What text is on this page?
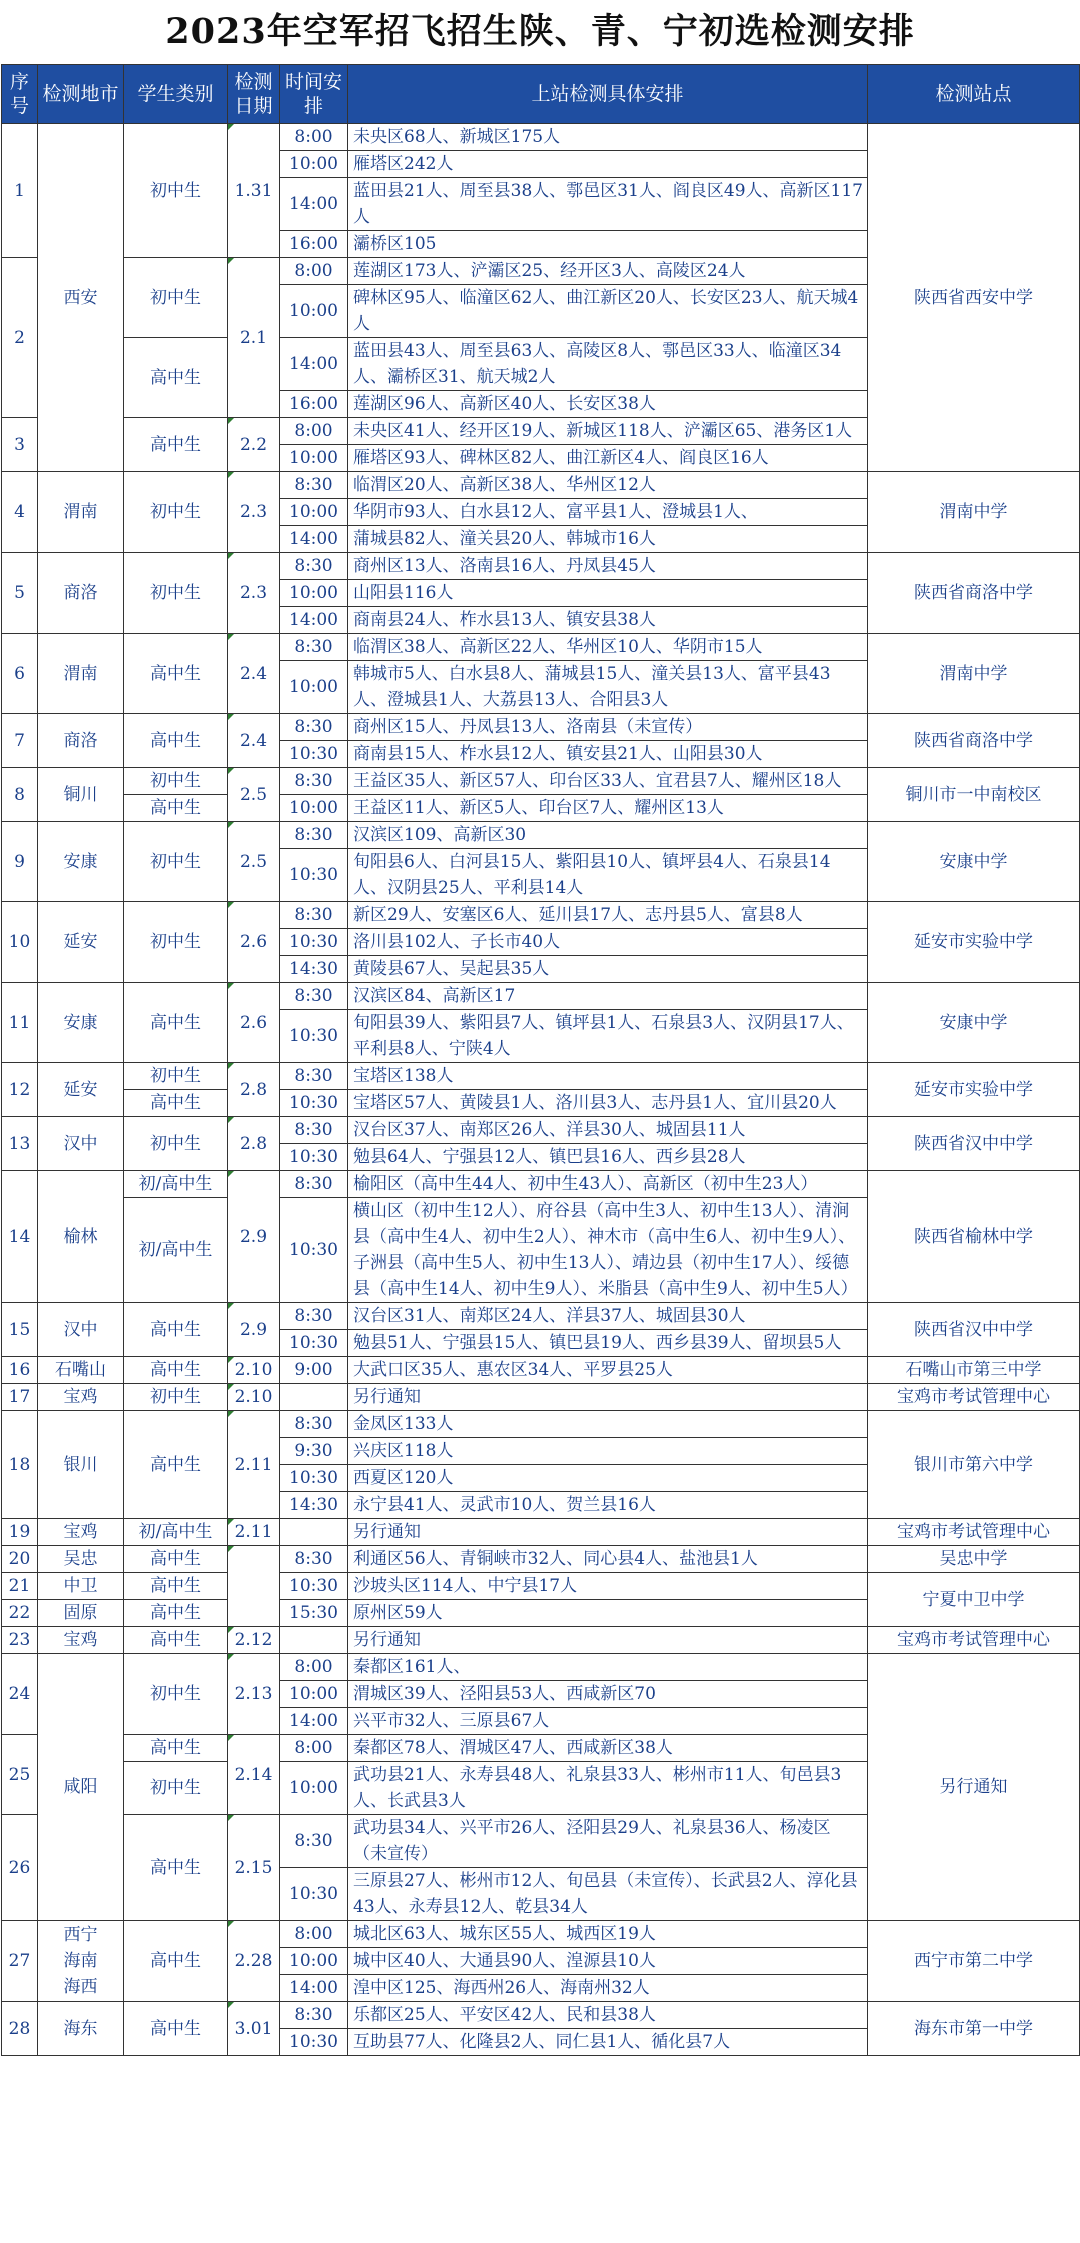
2023年空军招飞招生陕、青、宁初选检测安排
序号	检测地市	学生类别	检测日期	时间安排	上站检测具体安排	检测站点
1	西安	初中生	1.31	8:00	未央区68人、新城区175人	陕西省西安中学
				10:00	雁塔区242人	
				14:00	蓝田县21人、周至县38人、鄠邑区31人、阎良区49人、高新区117人	
				16:00	灞桥区105	
2		初中生	2.1	8:00	莲湖区173人、浐灞区25、经开区3人、高陵区24人	
				10:00	碑林区95人、临潼区62人、曲江新区20人、长安区23人、航天城4人	
		高中生		14:00	蓝田县43人、周至县63人、高陵区8人、鄠邑区33人、临潼区34人、灞桥区31、航天城2人	
				16:00	莲湖区96人、高新区40人、长安区38人	
3		高中生	2.2	8:00	未央区41人、经开区19人、新城区118人、浐灞区65、港务区1人	
				10:00	雁塔区93人、碑林区82人、曲江新区4人、阎良区16人	
4	渭南	初中生	2.3	8:30	临渭区20人、高新区38人、华州区12人	渭南中学
				10:00	华阴市93人、白水县12人、富平县1人、澄城县1人、	
				14:00	蒲城县82人、潼关县20人、韩城市16人	
5	商洛	初中生	2.3	8:30	商州区13人、洛南县16人、丹凤县45人	陕西省商洛中学
				10:00	山阳县116人	
				14:00	商南县24人、柞水县13人、镇安县38人	
6	渭南	高中生	2.4	8:30	临渭区38人、高新区22人、华州区10人、华阴市15人	渭南中学
				10:00	韩城市5人、白水县8人、蒲城县15人、潼关县13人、富平县43人、澄城县1人、大荔县13人、合阳县3人	
7	商洛	高中生	2.4	8:30	商州区15人、丹凤县13人、洛南县（未宣传）	陕西省商洛中学
				10:30	商南县15人、柞水县12人、镇安县21人、山阳县30人	
8	铜川	初中生	2.5	8:30	王益区35人、新区57人、印台区33人、宜君县7人、耀州区18人	铜川市一中南校区
		高中生		10:00	王益区11人、新区5人、印台区7人、耀州区13人	
9	安康	初中生	2.5	8:30	汉滨区109、高新区30	安康中学
				10:30	旬阳县6人、白河县15人、紫阳县10人、镇坪县4人、石泉县14人、汉阴县25人、平利县14人	
10	延安	初中生	2.6	8:30	新区29人、安塞区6人、延川县17人、志丹县5人、富县8人	延安市实验中学
				10:30	洛川县102人、子长市40人	
				14:30	黄陵县67人、吴起县35人	
11	安康	高中生	2.6	8:30	汉滨区84、高新区17	安康中学
				10:30	旬阳县39人、紫阳县7人、镇坪县1人、石泉县3人、汉阴县17人、平利县8人、宁陕4人	
12	延安	初中生	2.8	8:30	宝塔区138人	延安市实验中学
		高中生		10:30	宝塔区57人、黄陵县1人、洛川县3人、志丹县1人、宜川县20人	
13	汉中	初中生	2.8	8:30	汉台区37人、南郑区26人、洋县30人、城固县11人	陕西省汉中中学
				10:30	勉县64人、宁强县12人、镇巴县16人、西乡县28人	
14	榆林	初/高中生	2.9	8:30	榆阳区（高中生44人、初中生43人）、高新区（初中生23人）	陕西省榆林中学
		初/高中生		10:30	横山区（初中生12人）、府谷县（高中生3人、初中生13人）、清涧县（高中生4人、初中生2人）、神木市（高中生6人、初中生9人）、子洲县（高中生5人、初中生13人）、靖边县（初中生17人）、绥德县（高中生14人、初中生9人）、米脂县（高中生9人、初中生5人）	
15	汉中	高中生	2.9	8:30	汉台区31人、南郑区24人、洋县37人、城固县30人	陕西省汉中中学
				10:30	勉县51人、宁强县15人、镇巴县19人、西乡县39人、留坝县5人	
16	石嘴山	高中生	2.10	9:00	大武口区35人、惠农区34人、平罗县25人	石嘴山市第三中学
17	宝鸡	初中生	2.10		另行通知	宝鸡市考试管理中心
18	银川	高中生	2.11	8:30	金凤区133人	银川市第六中学
				9:30	兴庆区118人	
				10:30	西夏区120人	
				14:30	永宁县41人、灵武市10人、贺兰县16人	
19	宝鸡	初/高中生	2.11		另行通知	宝鸡市考试管理中心
20	吴忠	高中生		8:30	利通区56人、青铜峡市32人、同心县4人、盐池县1人	吴忠中学
21	中卫	高中生		10:30	沙坡头区114人、中宁县17人	宁夏中卫中学
22	固原	高中生		15:30	原州区59人	
23	宝鸡	高中生	2.12		另行通知	宝鸡市考试管理中心
24	咸阳	初中生	2.13	8:00	秦都区161人、	另行通知
				10:00	渭城区39人、泾阳县53人、西咸新区70	
				14:00	兴平市32人、三原县67人	
25		高中生	2.14	8:00	秦都区78人、渭城区47人、西咸新区38人	
		初中生		10:00	武功县21人、永寿县48人、礼泉县33人、彬州市11人、旬邑县3人、长武县3人	
26		高中生	2.15	8:30	武功县34人、兴平市26人、泾阳县29人、礼泉县36人、杨凌区（未宣传）	
				10:30	三原县27人、彬州市12人、旬邑县（未宣传）、长武县2人、淳化县43人、永寿县12人、乾县34人	
27	西宁
海南
海西	高中生	2.28	8:00	城北区63人、城东区55人、城西区19人	西宁市第二中学
				10:00	城中区40人、大通县90人、湟源县10人	
				14:00	湟中区125、海西州26人、海南州32人	
28	海东	高中生	3.01	8:30	乐都区25人、平安区42人、民和县38人	海东市第一中学
				10:30	互助县77人、化隆县2人、同仁县1人、循化县7人	
